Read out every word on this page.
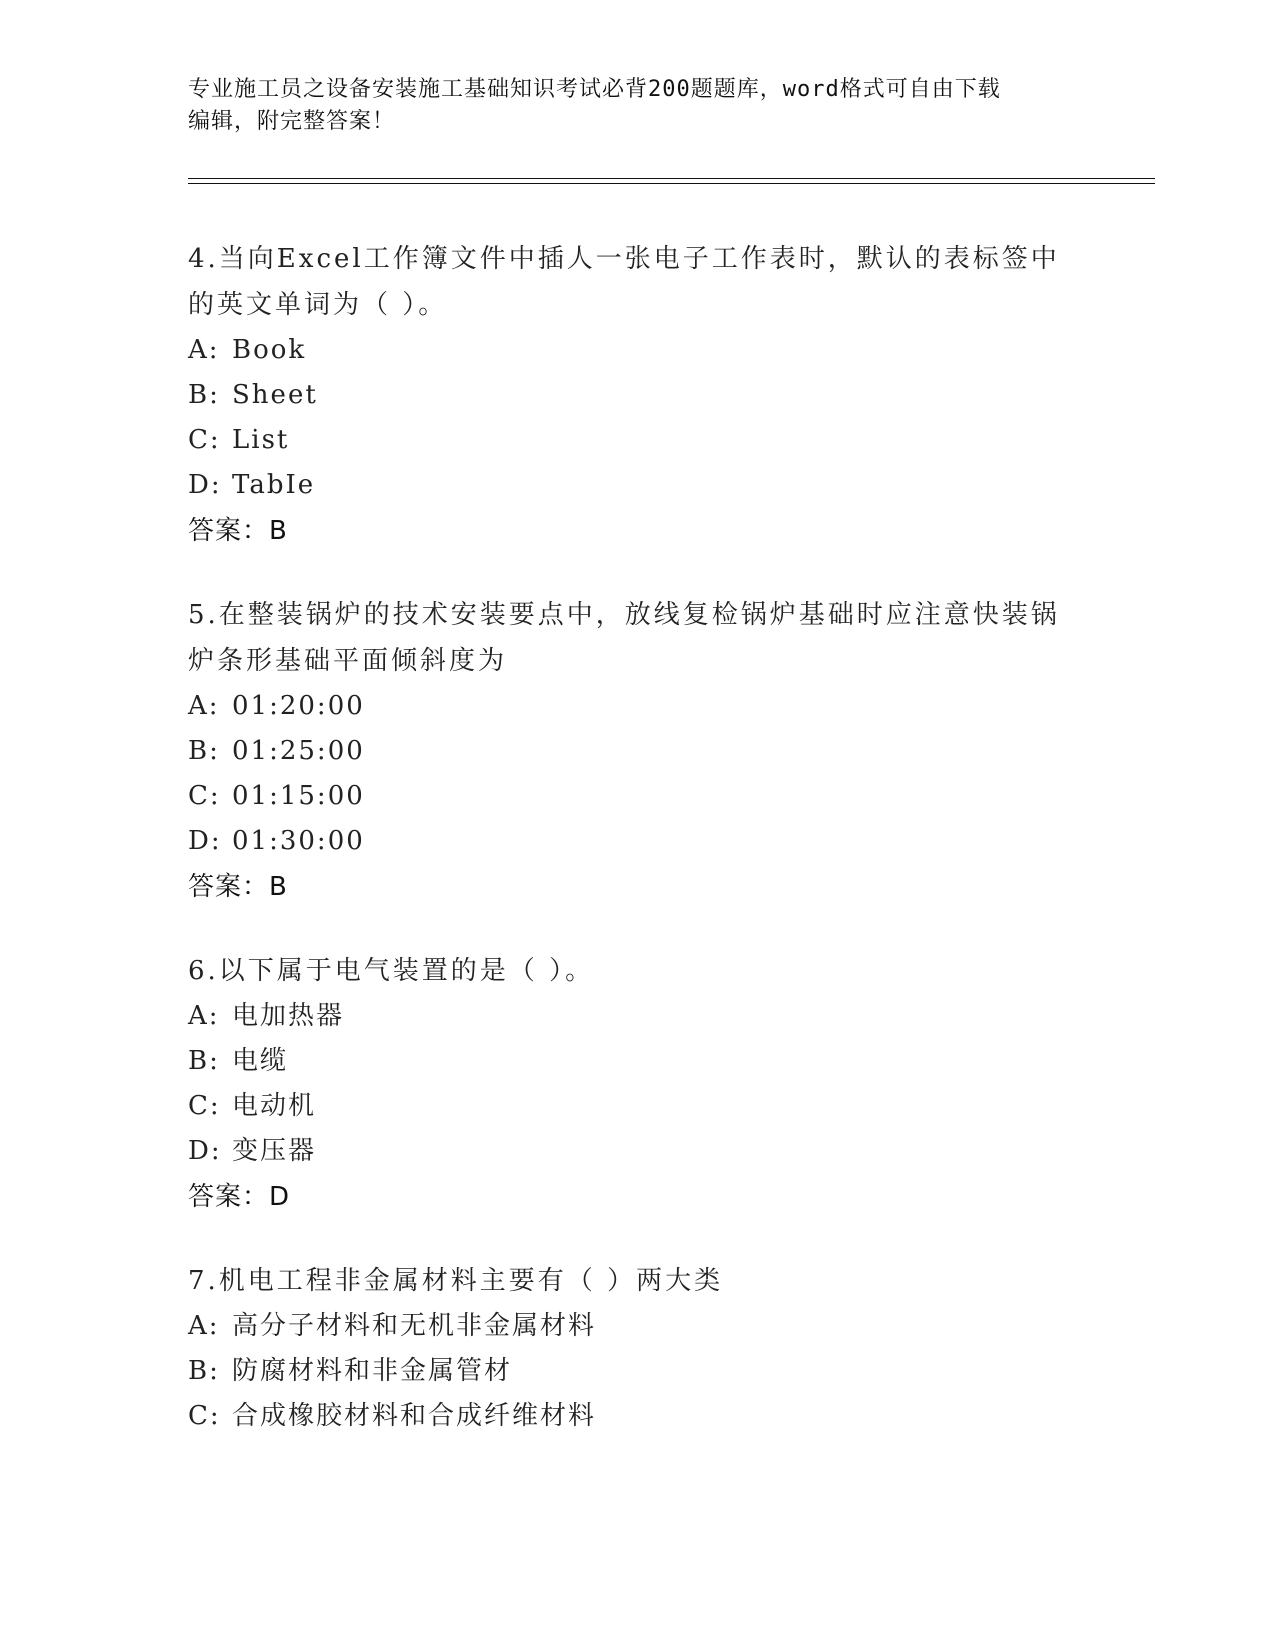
专业施工员之设备安装施工基础知识考试必背200题题库，word格式可自由下载
编辑，附完整答案！

4.当向Excel工作簿文件中插人一张电子工作表时，默认的表标签中的英文单词为（ ）。

A: Book

B: Sheet

C: List

D: TabIe

答案：B

5.在整装锅炉的技术安装要点中，放线复检锅炉基础时应注意快装锅炉条形基础平面倾斜度为

A: 01:20:00

B: 01:25:00

C: 01:15:00

D: 01:30:00

答案：B

6.以下属于电气装置的是（ ）。

A: 电加热器

B: 电缆

C: 电动机

D: 变压器

答案：D

7.机电工程非金属材料主要有（ ）两大类

A: 高分子材料和无机非金属材料

B: 防腐材料和非金属管材

C: 合成橡胶材料和合成纤维材料
